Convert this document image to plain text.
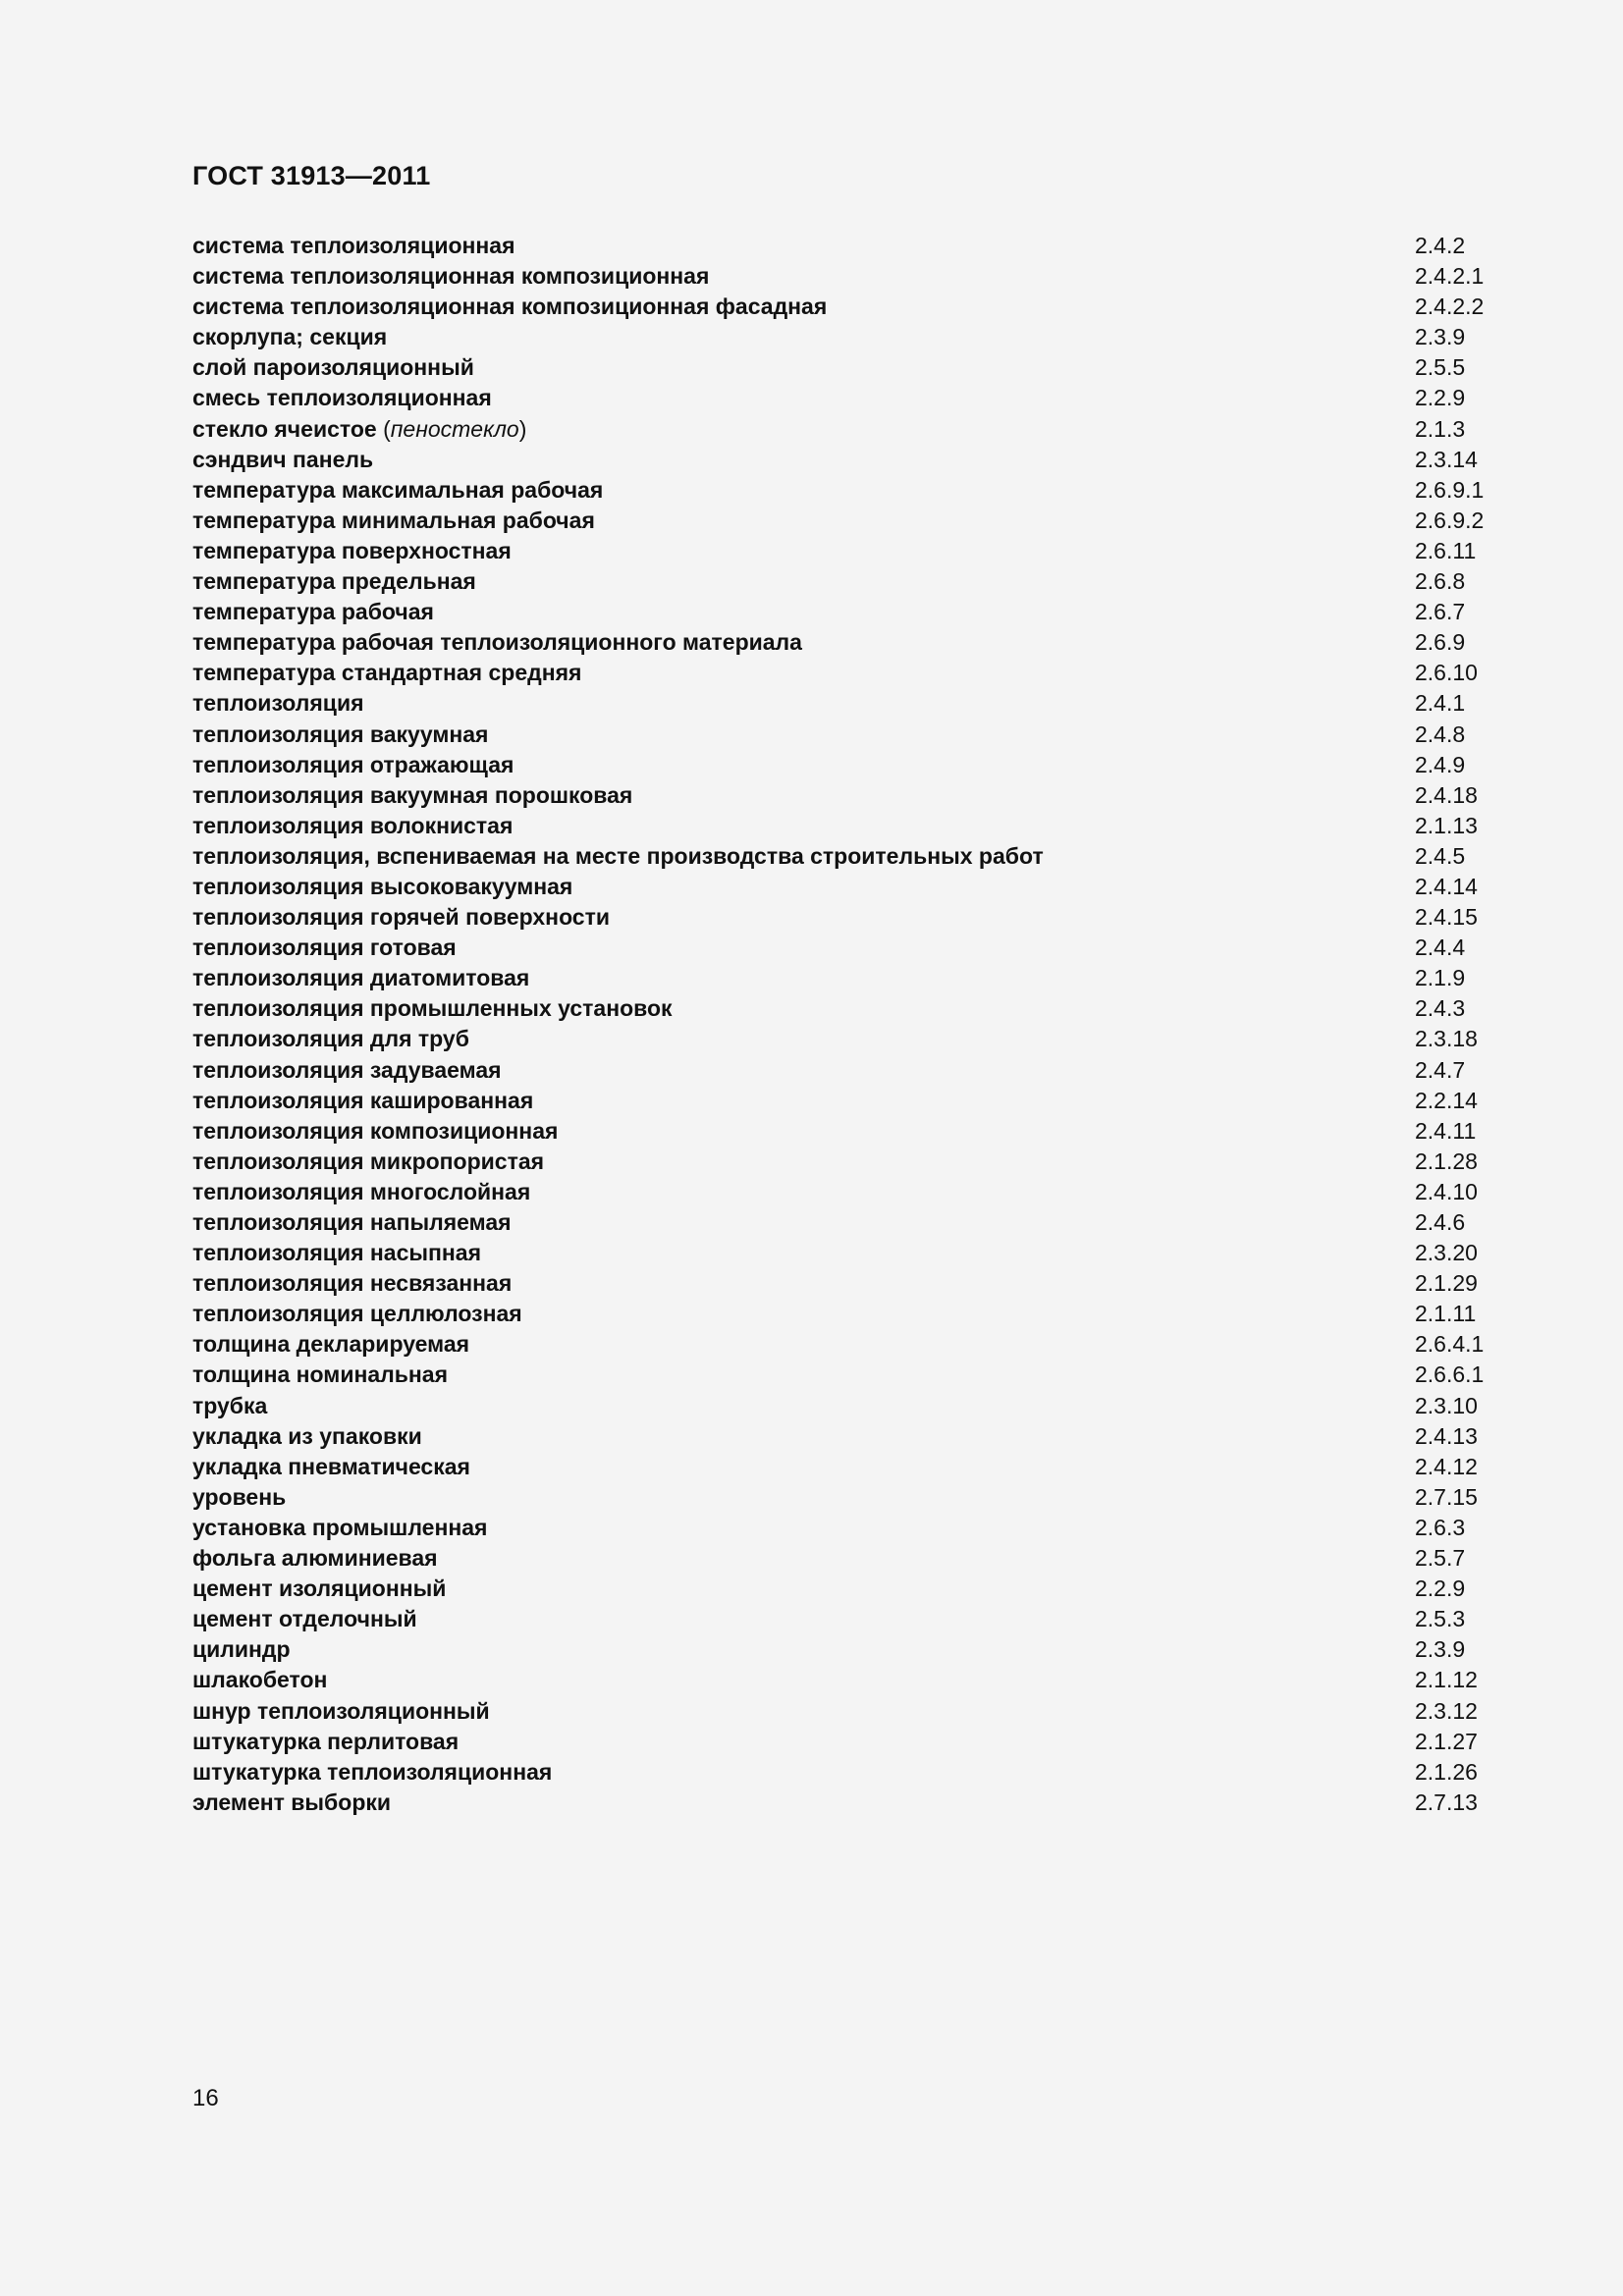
ГОСТ 31913—2011
система теплоизоляционная	2.4.2
система теплоизоляционная композиционная	2.4.2.1
система теплоизоляционная композиционная фасадная	2.4.2.2
скорлупа; секция	2.3.9
слой пароизоляционный	2.5.5
смесь теплоизоляционная	2.2.9
стекло ячеистое (пеностекло)	2.1.3
сэндвич панель	2.3.14
температура максимальная рабочая	2.6.9.1
температура минимальная рабочая	2.6.9.2
температура поверхностная	2.6.11
температура предельная	2.6.8
температура рабочая	2.6.7
температура рабочая теплоизоляционного материала	2.6.9
температура стандартная средняя	2.6.10
теплоизоляция	2.4.1
теплоизоляция вакуумная	2.4.8
теплоизоляция отражающая	2.4.9
теплоизоляция вакуумная порошковая	2.4.18
теплоизоляция волокнистая	2.1.13
теплоизоляция, вспениваемая на месте производства строительных работ	2.4.5
теплоизоляция высоковакуумная	2.4.14
теплоизоляция горячей поверхности	2.4.15
теплоизоляция готовая	2.4.4
теплоизоляция диатомитовая	2.1.9
теплоизоляция промышленных установок	2.4.3
теплоизоляция для труб	2.3.18
теплоизоляция задуваемая	2.4.7
теплоизоляция кашированная	2.2.14
теплоизоляция композиционная	2.4.11
теплоизоляция микропористая	2.1.28
теплоизоляция многослойная	2.4.10
теплоизоляция напыляемая	2.4.6
теплоизоляция насыпная	2.3.20
теплоизоляция несвязанная	2.1.29
теплоизоляция целлюлозная	2.1.11
толщина декларируемая	2.6.4.1
толщина номинальная	2.6.6.1
трубка	2.3.10
укладка из упаковки	2.4.13
укладка пневматическая	2.4.12
уровень	2.7.15
установка промышленная	2.6.3
фольга алюминиевая	2.5.7
цемент изоляционный	2.2.9
цемент отделочный	2.5.3
цилиндр	2.3.9
шлакобетон	2.1.12
шнур теплоизоляционный	2.3.12
штукатурка перлитовая	2.1.27
штукатурка теплоизоляционная	2.1.26
элемент выборки	2.7.13
16
